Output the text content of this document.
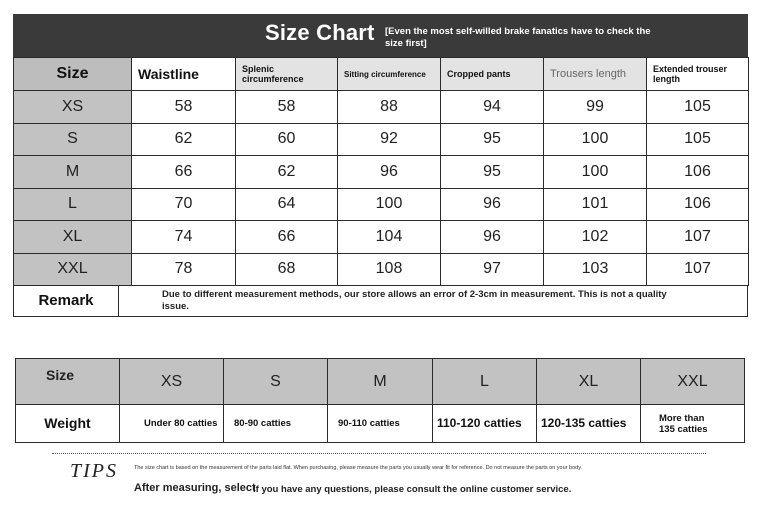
Size Chart [Even the most self-willed brake fanatics have to check the size first]
Size	Waistline	Splenic circumference	Sitting circumference	Cropped pants	Trousers length	Extended trouser length
XS	58	58	88	94	99	105
S	62	60	92	95	100	105
M	66	62	96	95	100	106
L	70	64	100	96	101	106
XL	74	66	104	96	102	107
XXL	78	68	108	97	103	107
Remark	Due to different measurement methods, our store allows an error of 2-3cm in measurement. This is not a quality issue.
Size	XS	S	M	L	XL	XXL
Weight	Under 80 catties	80-90 catties	90-110 catties	110-120 catties	120-135 catties	More than 135 catties
TIPS	The size chart is based on the measurement of the parts laid flat. When purchasing, please measure the parts you usually wear fit for reference. Do not measure the parts on your body.
After measuring, select
If you have any questions, please consult the online customer service.
